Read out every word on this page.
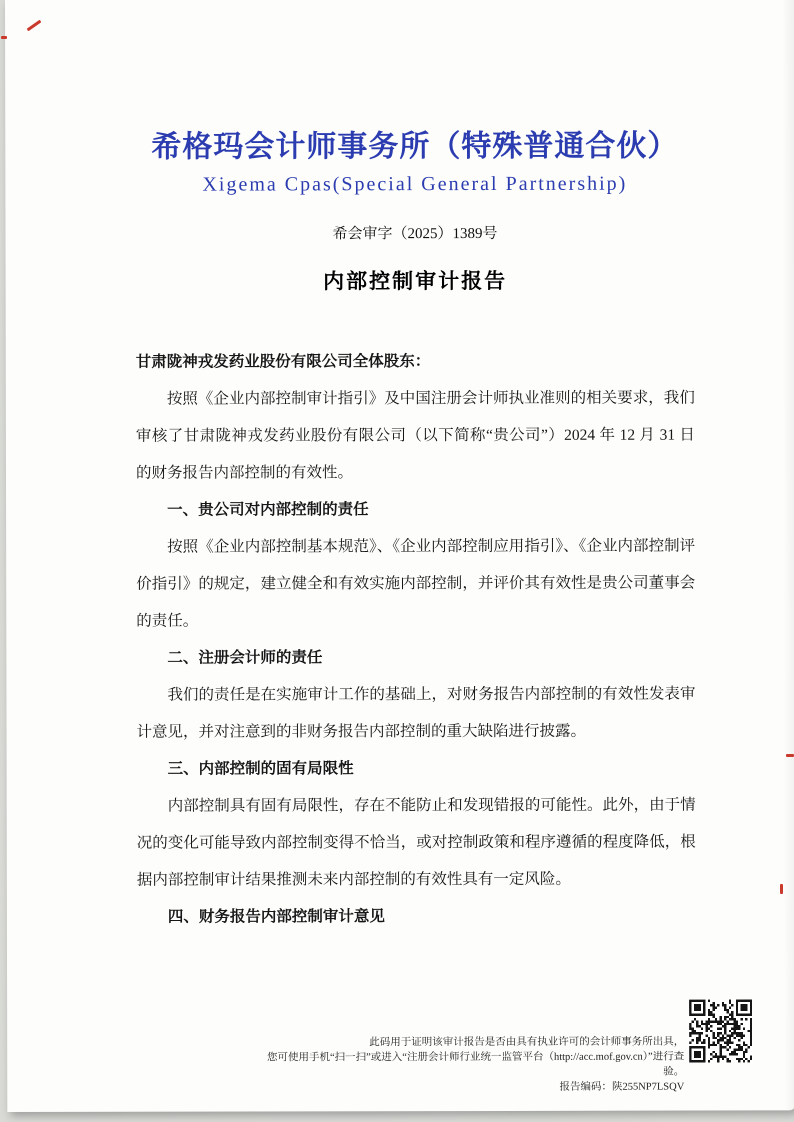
希格玛会计师事务所（特殊普通合伙）
Xigema Cpas(Special General Partnership)
希会审字（2025）1389号
内部控制审计报告

甘肃陇神戎发药业股份有限公司全体股东：

按照《企业内部控制审计指引》及中国注册会计师执业准则的相关要求，我们审核了甘肃陇神戎发药业股份有限公司（以下简称“贵公司”）2024 年 12 月 31 日的财务报告内部控制的有效性。

一、贵公司对内部控制的责任

按照《企业内部控制基本规范》、《企业内部控制应用指引》、《企业内部控制评价指引》的规定，建立健全和有效实施内部控制，并评价其有效性是贵公司董事会的责任。

二、注册会计师的责任

我们的责任是在实施审计工作的基础上，对财务报告内部控制的有效性发表审计意见，并对注意到的非财务报告内部控制的重大缺陷进行披露。

三、内部控制的固有局限性

内部控制具有固有局限性，存在不能防止和发现错报的可能性。此外，由于情况的变化可能导致内部控制变得不恰当，或对控制政策和程序遵循的程度降低，根据内部控制审计结果推测未来内部控制的有效性具有一定风险。

四、财务报告内部控制审计意见

此码用于证明该审计报告是否由具有执业许可的会计师事务所出具，
您可使用手机“扫一扫”或进入“注册会计师行业统一监管平台（http://acc.mof.gov.cn）”进行查验。
报告编码：陕255NP7LSQV
